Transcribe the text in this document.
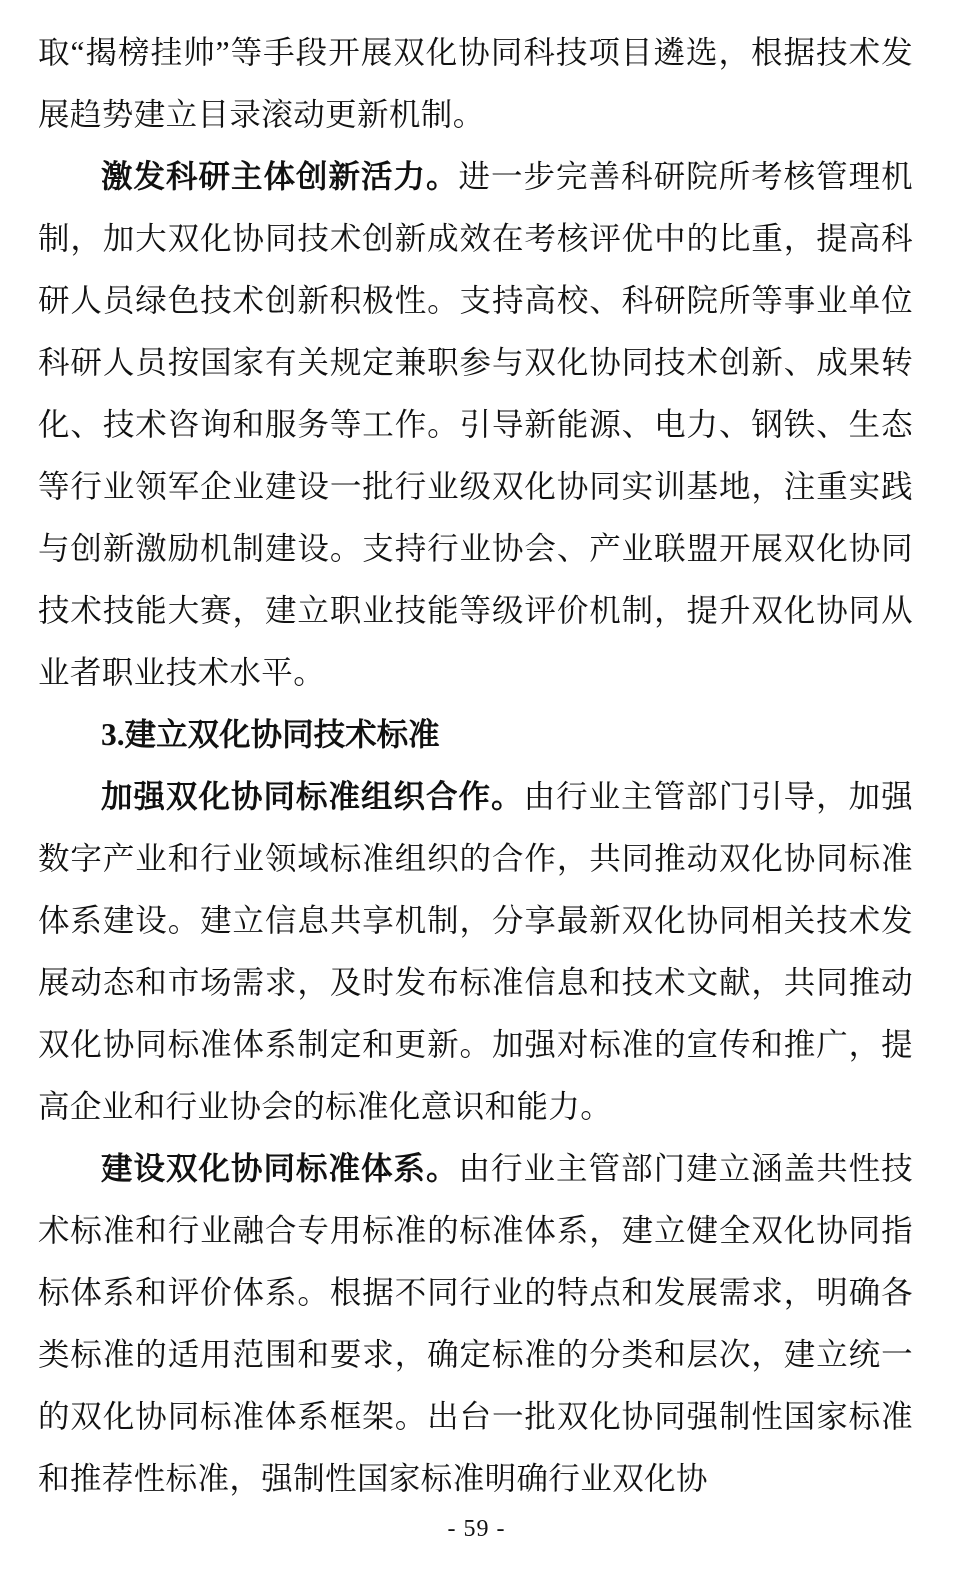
取“揭榜挂帅”等手段开展双化协同科技项目遴选，根据技术发展趋势建立目录滚动更新机制。

激发科研主体创新活力。进一步完善科研院所考核管理机制，加大双化协同技术创新成效在考核评优中的比重，提高科研人员绿色技术创新积极性。支持高校、科研院所等事业单位科研人员按国家有关规定兼职参与双化协同技术创新、成果转化、技术咨询和服务等工作。引导新能源、电力、钢铁、生态等行业领军企业建设一批行业级双化协同实训基地，注重实践与创新激励机制建设。支持行业协会、产业联盟开展双化协同技术技能大赛，建立职业技能等级评价机制，提升双化协同从业者职业技术水平。

3.建立双化协同技术标准

加强双化协同标准组织合作。由行业主管部门引导，加强数字产业和行业领域标准组织的合作，共同推动双化协同标准体系建设。建立信息共享机制，分享最新双化协同相关技术发展动态和市场需求，及时发布标准信息和技术文献，共同推动双化协同标准体系制定和更新。加强对标准的宣传和推广，提高企业和行业协会的标准化意识和能力。

建设双化协同标准体系。由行业主管部门建立涵盖共性技术标准和行业融合专用标准的标准体系，建立健全双化协同指标体系和评价体系。根据不同行业的特点和发展需求，明确各类标准的适用范围和要求，确定标准的分类和层次，建立统一的双化协同标准体系框架。出台一批双化协同强制性国家标准和推荐性标准，强制性国家标准明确行业双化协

- 59 -
